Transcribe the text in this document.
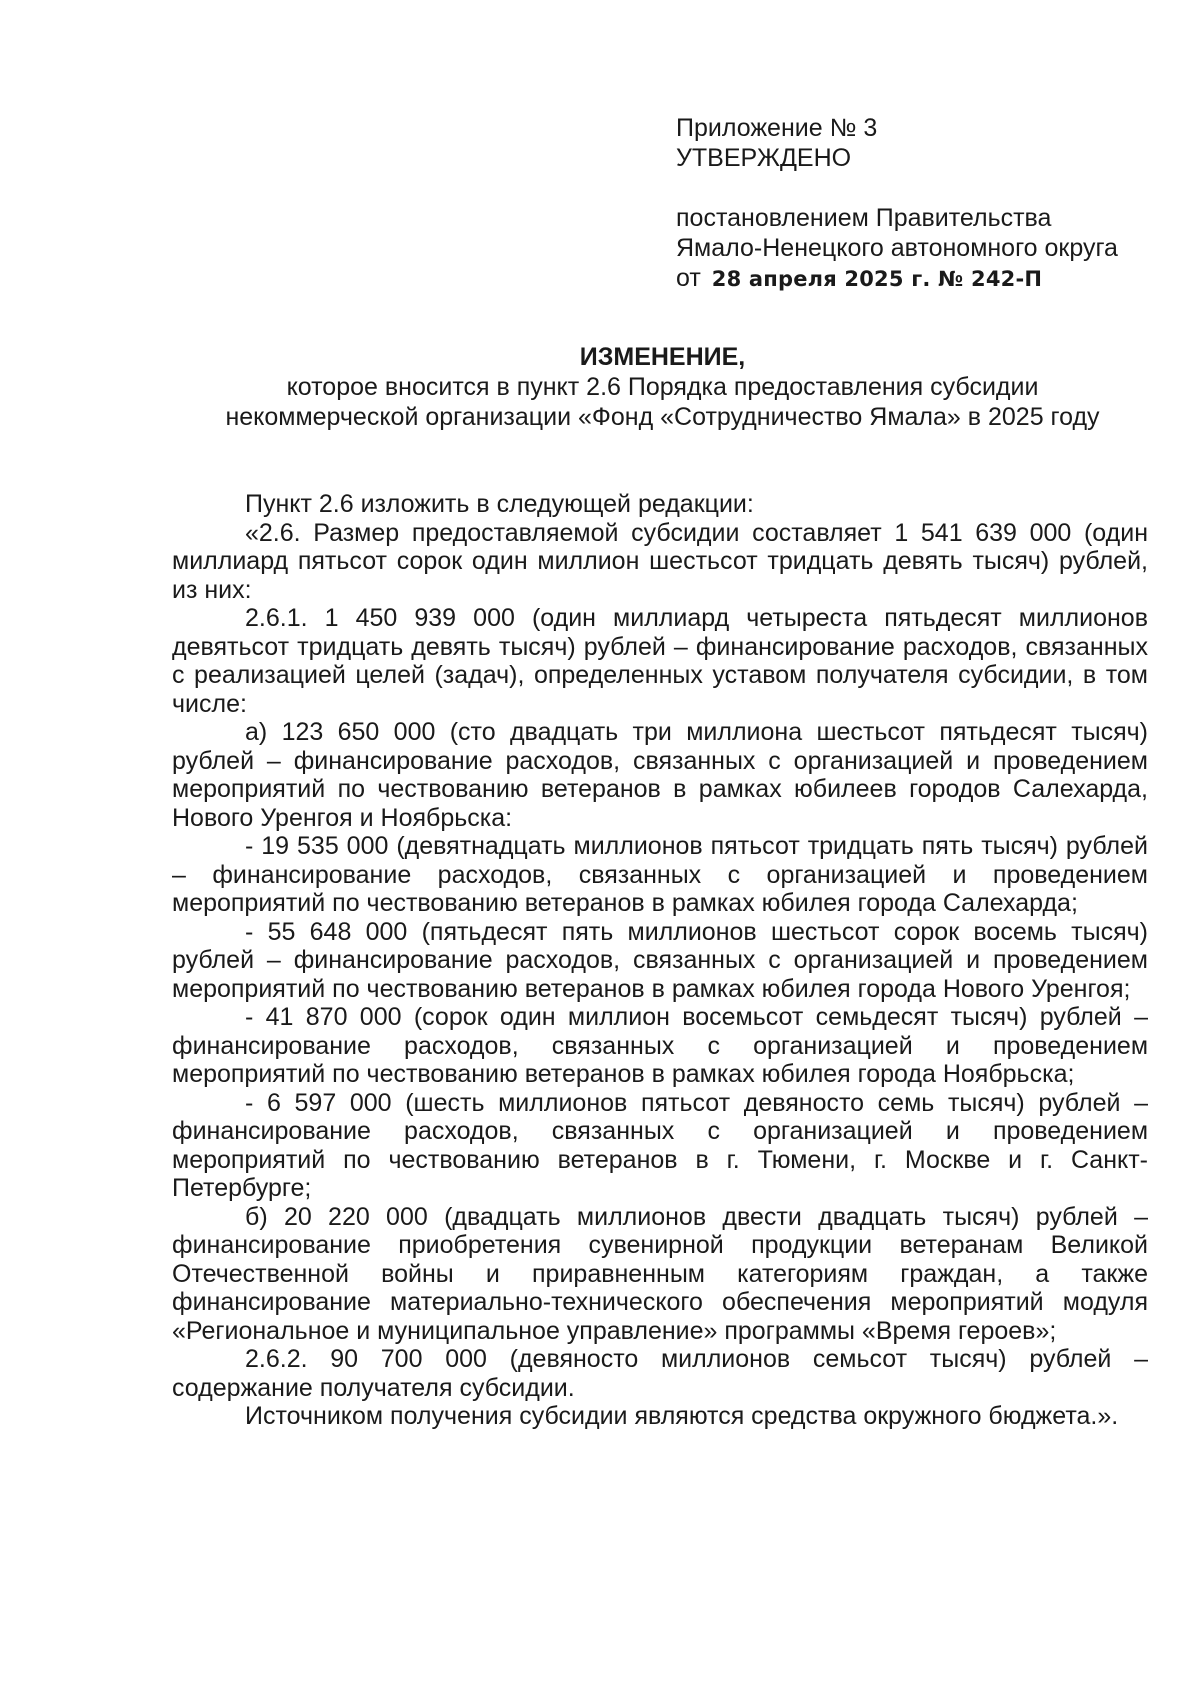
Приложение № 3
УТВЕРЖДЕНО
постановлением Правительства
Ямало-Ненецкого автономного округа
от 28 апреля 2025 г. № 242-П
ИЗМЕНЕНИЕ,
которое вносится в пункт 2.6 Порядка предоставления субсидии
некоммерческой организации «Фонд «Сотрудничество Ямала» в 2025 году

Пункт 2.6 изложить в следующей редакции:

«2.6. Размер предоставляемой субсидии составляет 1 541 639 000 (один миллиард пятьсот сорок один миллион шестьсот тридцать девять тысяч) рублей, из них:

2.6.1. 1 450 939 000 (один миллиард четыреста пятьдесят миллионов девятьсот тридцать девять тысяч) рублей – финансирование расходов, связанных с реализацией целей (задач), определенных уставом получателя субсидии, в том числе:

а) 123 650 000 (сто двадцать три миллиона шестьсот пятьдесят тысяч) рублей – финансирование расходов, связанных с организацией и проведением мероприятий по чествованию ветеранов в рамках юбилеев городов Салехарда, Нового Уренгоя и Ноябрьска:

- 19 535 000 (девятнадцать миллионов пятьсот тридцать пять тысяч) рублей – финансирование расходов, связанных с организацией и проведением мероприятий по чествованию ветеранов в рамках юбилея города Салехарда;

- 55 648 000 (пятьдесят пять миллионов шестьсот сорок восемь тысяч) рублей – финансирование расходов, связанных с организацией и проведением мероприятий по чествованию ветеранов в рамках юбилея города Нового Уренгоя;

- 41 870 000 (сорок один миллион восемьсот семьдесят тысяч) рублей – финансирование расходов, связанных с организацией и проведением мероприятий по чествованию ветеранов в рамках юбилея города Ноябрьска;

- 6 597 000 (шесть миллионов пятьсот девяносто семь тысяч) рублей – финансирование расходов, связанных с организацией и проведением мероприятий по чествованию ветеранов в г. Тюмени, г. Москве и г. Санкт-Петербурге;

б) 20 220 000 (двадцать миллионов двести двадцать тысяч) рублей – финансирование приобретения сувенирной продукции ветеранам Великой Отечественной войны и приравненным категориям граждан, а также финансирование материально-технического обеспечения мероприятий модуля «Региональное и муниципальное управление» программы «Время героев»;

2.6.2. 90 700 000 (девяносто миллионов семьсот тысяч) рублей – содержание получателя субсидии.

Источником получения субсидии являются средства окружного бюджета.».
